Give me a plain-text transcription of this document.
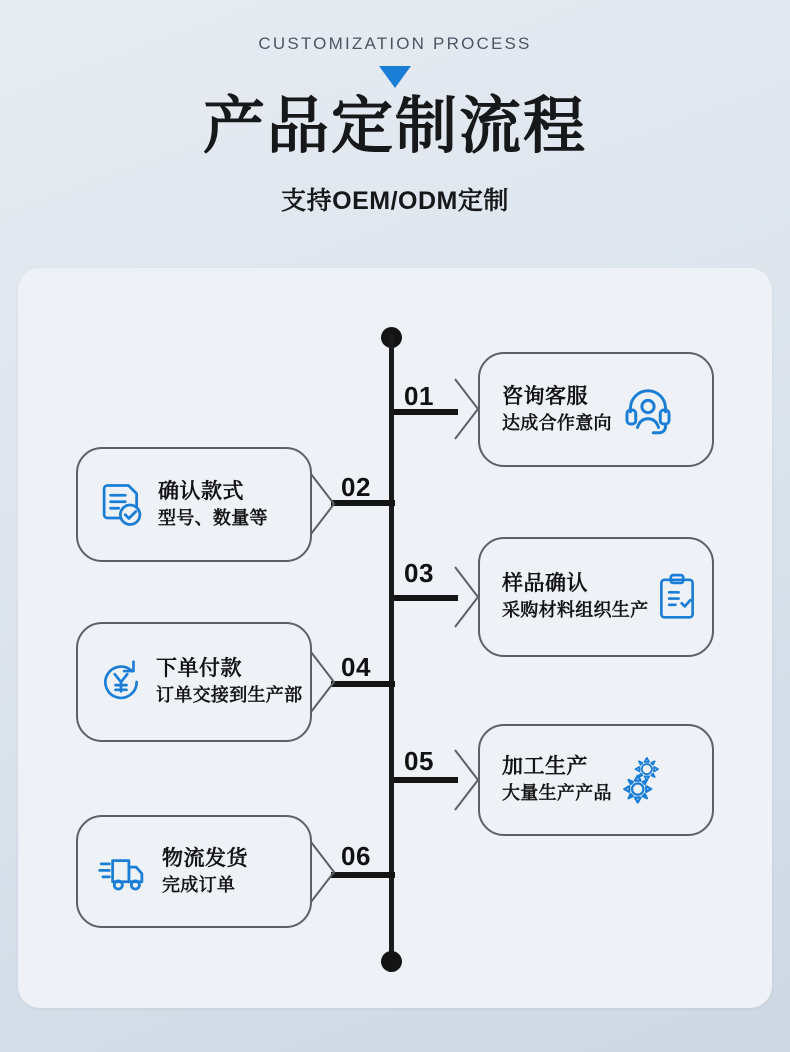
CUSTOMIZATION PROCESS
产品定制流程
支持OEM/ODM定制
01
02
03
04
05
06
咨询客服
达成合作意向
确认款式
型号、数量等
样品确认
采购材料组织生产
下单付款
订单交接到生产部
加工生产
大量生产产品
物流发货
完成订单
